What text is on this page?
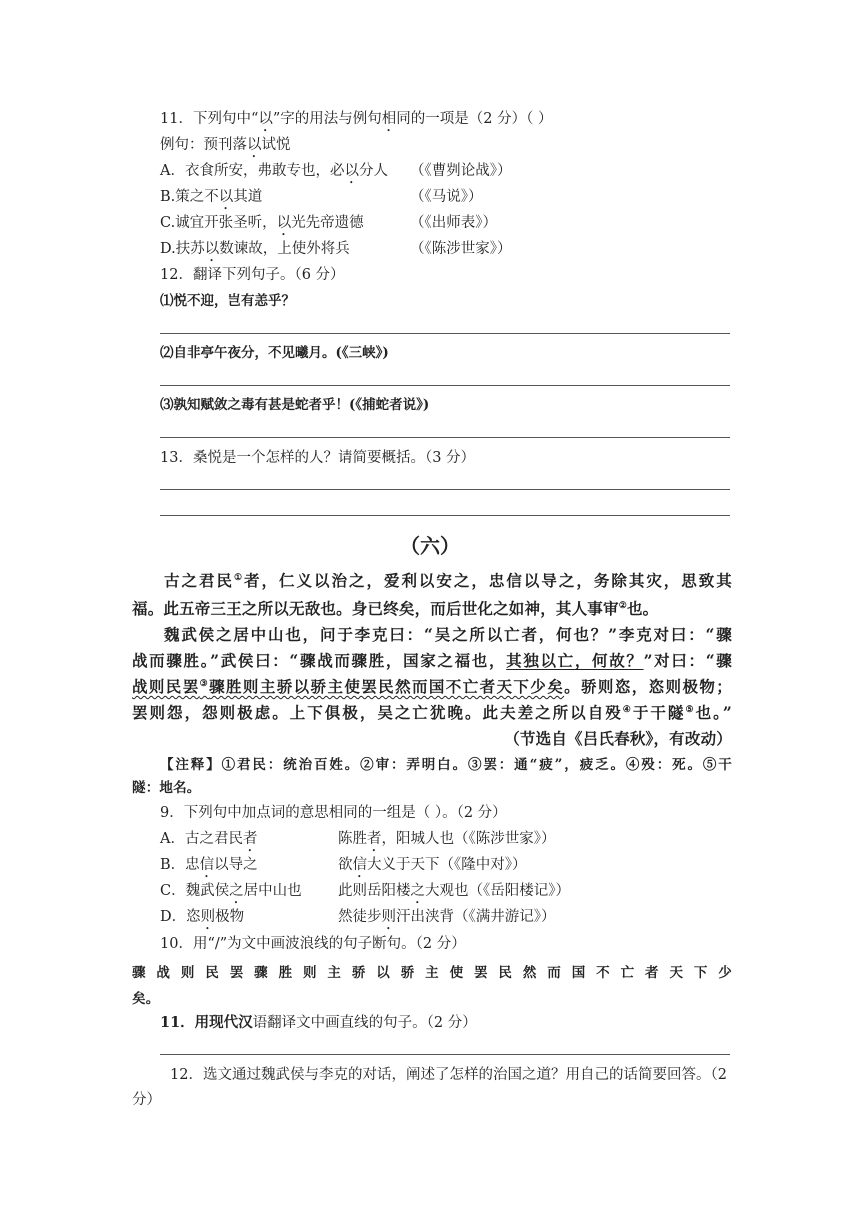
11．下列句中“以”字的用法与例句相同的一项是（2 分）（ ）
例句：预刊落以试悦
A．衣食所安，弗敢专也，必以分人 （《曹刿论战》）
B.策之不以其道	（《马说》）
C.诚宜开张圣听，以光先帝遗德	（《出师表》）
D.扶苏以数谏故，上使外将兵	（《陈涉世家》）
12．翻译下列句子。（6 分）
⑴悦不迎，岂有恙乎？
⑵自非亭午夜分，不见曦月。(《三峡》)
⑶孰知赋敛之毒有甚是蛇者乎！(《捕蛇者说》)
13．桑悦是一个怎样的人？请简要概括。（3 分）
（六）
古之君民①者，仁义以治之，爱利以安之，忠信以导之，务除其灾，思致其
福。此五帝三王之所以无敌也。身已终矣，而后世化之如神，其人事审②也。
魏武侯之居中山也，问于李克曰：“吴之所以亡者，何也？”李克对曰：“骤
战而骤胜。”武侯曰：“骤战而骤胜，国家之福也，其独以亡，何故？”对曰：“骤
战则民罢③骤胜则主骄以骄主使罢民然而国不亡者天下少矣。骄则恣，恣则极物；
罢则怨，怨则极虑。上下俱极，吴之亡犹晚。此夫差之所以自殁④于干隧⑤也。”
（节选自《吕氏春秋》，有改动）
【注释】①君民：统治百姓。②审：弄明白。③罢：通“疲”，疲乏。④殁：死。⑤干
隧：地名。
9．下列句中加点词的意思相同的一组是（ ）。（2 分）
A．古之君民者	陈胜者，阳城人也（《陈涉世家》）
B．忠信以导之	欲信大义于天下（《隆中对》）
C．魏武侯之居中山也	此则岳阳楼之大观也（《岳阳楼记》）
D．恣则极物	然徒步则汗出浃背（《满井游记》）
10．用“/”为文中画波浪线的句子断句。（2 分）
骤战则民罢骤胜则主骄以骄主使罢民然而国不亡者天下少
矣。
11．用现代汉语翻译文中画直线的句子。（2 分）
12．选文通过魏武侯与李克的对话，阐述了怎样的治国之道？用自己的话简要回答。（2
分）
